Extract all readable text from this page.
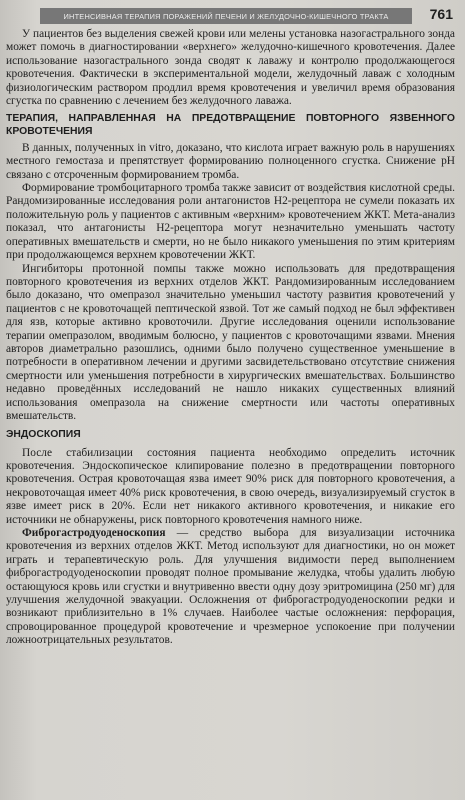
ИНТЕНСИВНАЯ ТЕРАПИЯ ПОРАЖЕНИЙ ПЕЧЕНИ И ЖЕЛУДОЧНО-КИШЕЧНОГО ТРАКТА	761

У пациентов без выделения свежей крови или мелены установка назогастрального зонда может помочь в диагностировании «верхнего» желудочно-кишечного кровотечения. Далее использование назогастрального зонда сводят к лаважу и контролю продолжающегося кровотечения. Фактически в экспериментальной модели, желудочный лаваж с холодным физиологическим раствором продлил время кровотечения и увеличил время образования сгустка по сравнению с лечением без желудочного лаважа.

ТЕРАПИЯ, НАПРАВЛЕННАЯ НА ПРЕДОТВРАЩЕНИЕ ПОВТОРНОГО ЯЗВЕННОГО КРОВОТЕЧЕНИЯ

В данных, полученных in vitro, доказано, что кислота играет важную роль в нарушениях местного гемостаза и препятствует формированию полноценного сгустка. Снижение pH связано с отсроченным формированием тромба.

Формирование тромбоцитарного тромба также зависит от воздействия кислотной среды. Рандомизированные исследования роли антагонистов H2-рецептора не сумели показать их положительную роль у пациентов с активным «верхним» кровотечением ЖКТ. Мета-анализ показал, что антагонисты H2-рецептора могут незначительно уменьшать частоту оперативных вмешательств и смерти, но не было никакого уменьшения по этим критериям при продолжающемся верхнем кровотечении ЖКТ.

Ингибиторы протонной помпы также можно использовать для предотвращения повторного кровотечения из верхних отделов ЖКТ. Рандомизированным исследованием было доказано, что омепразол значительно уменьшил частоту развития кровотечений у пациентов с не кровоточащей пептической язвой. Тот же самый подход не был эффективен для язв, которые активно кровоточили. Другие исследования оценили использование терапии омепразолом, вводимым болюсно, у пациентов с кровоточащими язвами. Мнения авторов диаметрально разошлись, одними было получено существенное уменьшение в потребности в оперативном лечении и другими засвидетельствовано отсутствие снижения смертности или уменьшения потребности в хирургических вмешательствах. Большинство недавно проведённых исследований не нашло никаких существенных влияний использования омепразола на снижение смертности или частоты оперативных вмешательств.

ЭНДОСКОПИЯ

После стабилизации состояния пациента необходимо определить источник кровотечения. Эндоскопическое клипирование полезно в предотвращении повторного кровотечения. Острая кровоточащая язва имеет 90% риск для повторного кровотечения, а некровоточащая имеет 40% риск кровотечения, в свою очередь, визуализируемый сгусток в язве имеет риск в 20%. Если нет никакого активного кровотечения, и никакие его источники не обнаружены, риск повторного кровотечения намного ниже.

Фиброгастродуоденоскопия — средство выбора для визуализации источника кровотечения из верхних отделов ЖКТ. Метод используют для диагностики, но он может играть и терапевтическую роль. Для улучшения видимости перед выполнением фиброгастродуоденоскопии проводят полное промывание желудка, чтобы удалить любую остающуюся кровь или сгустки и внутривенно ввести одну дозу эритромицина (250 мг) для улучшения желудочной эвакуации. Осложнения от фиброгастродуоденоскопии редки и возникают приблизительно в 1% случаев. Наиболее частые осложнения: перфорация, спровоцированное процедурой кровотечение и чрезмерное успокоение при получении ложноотрицательных результатов.
